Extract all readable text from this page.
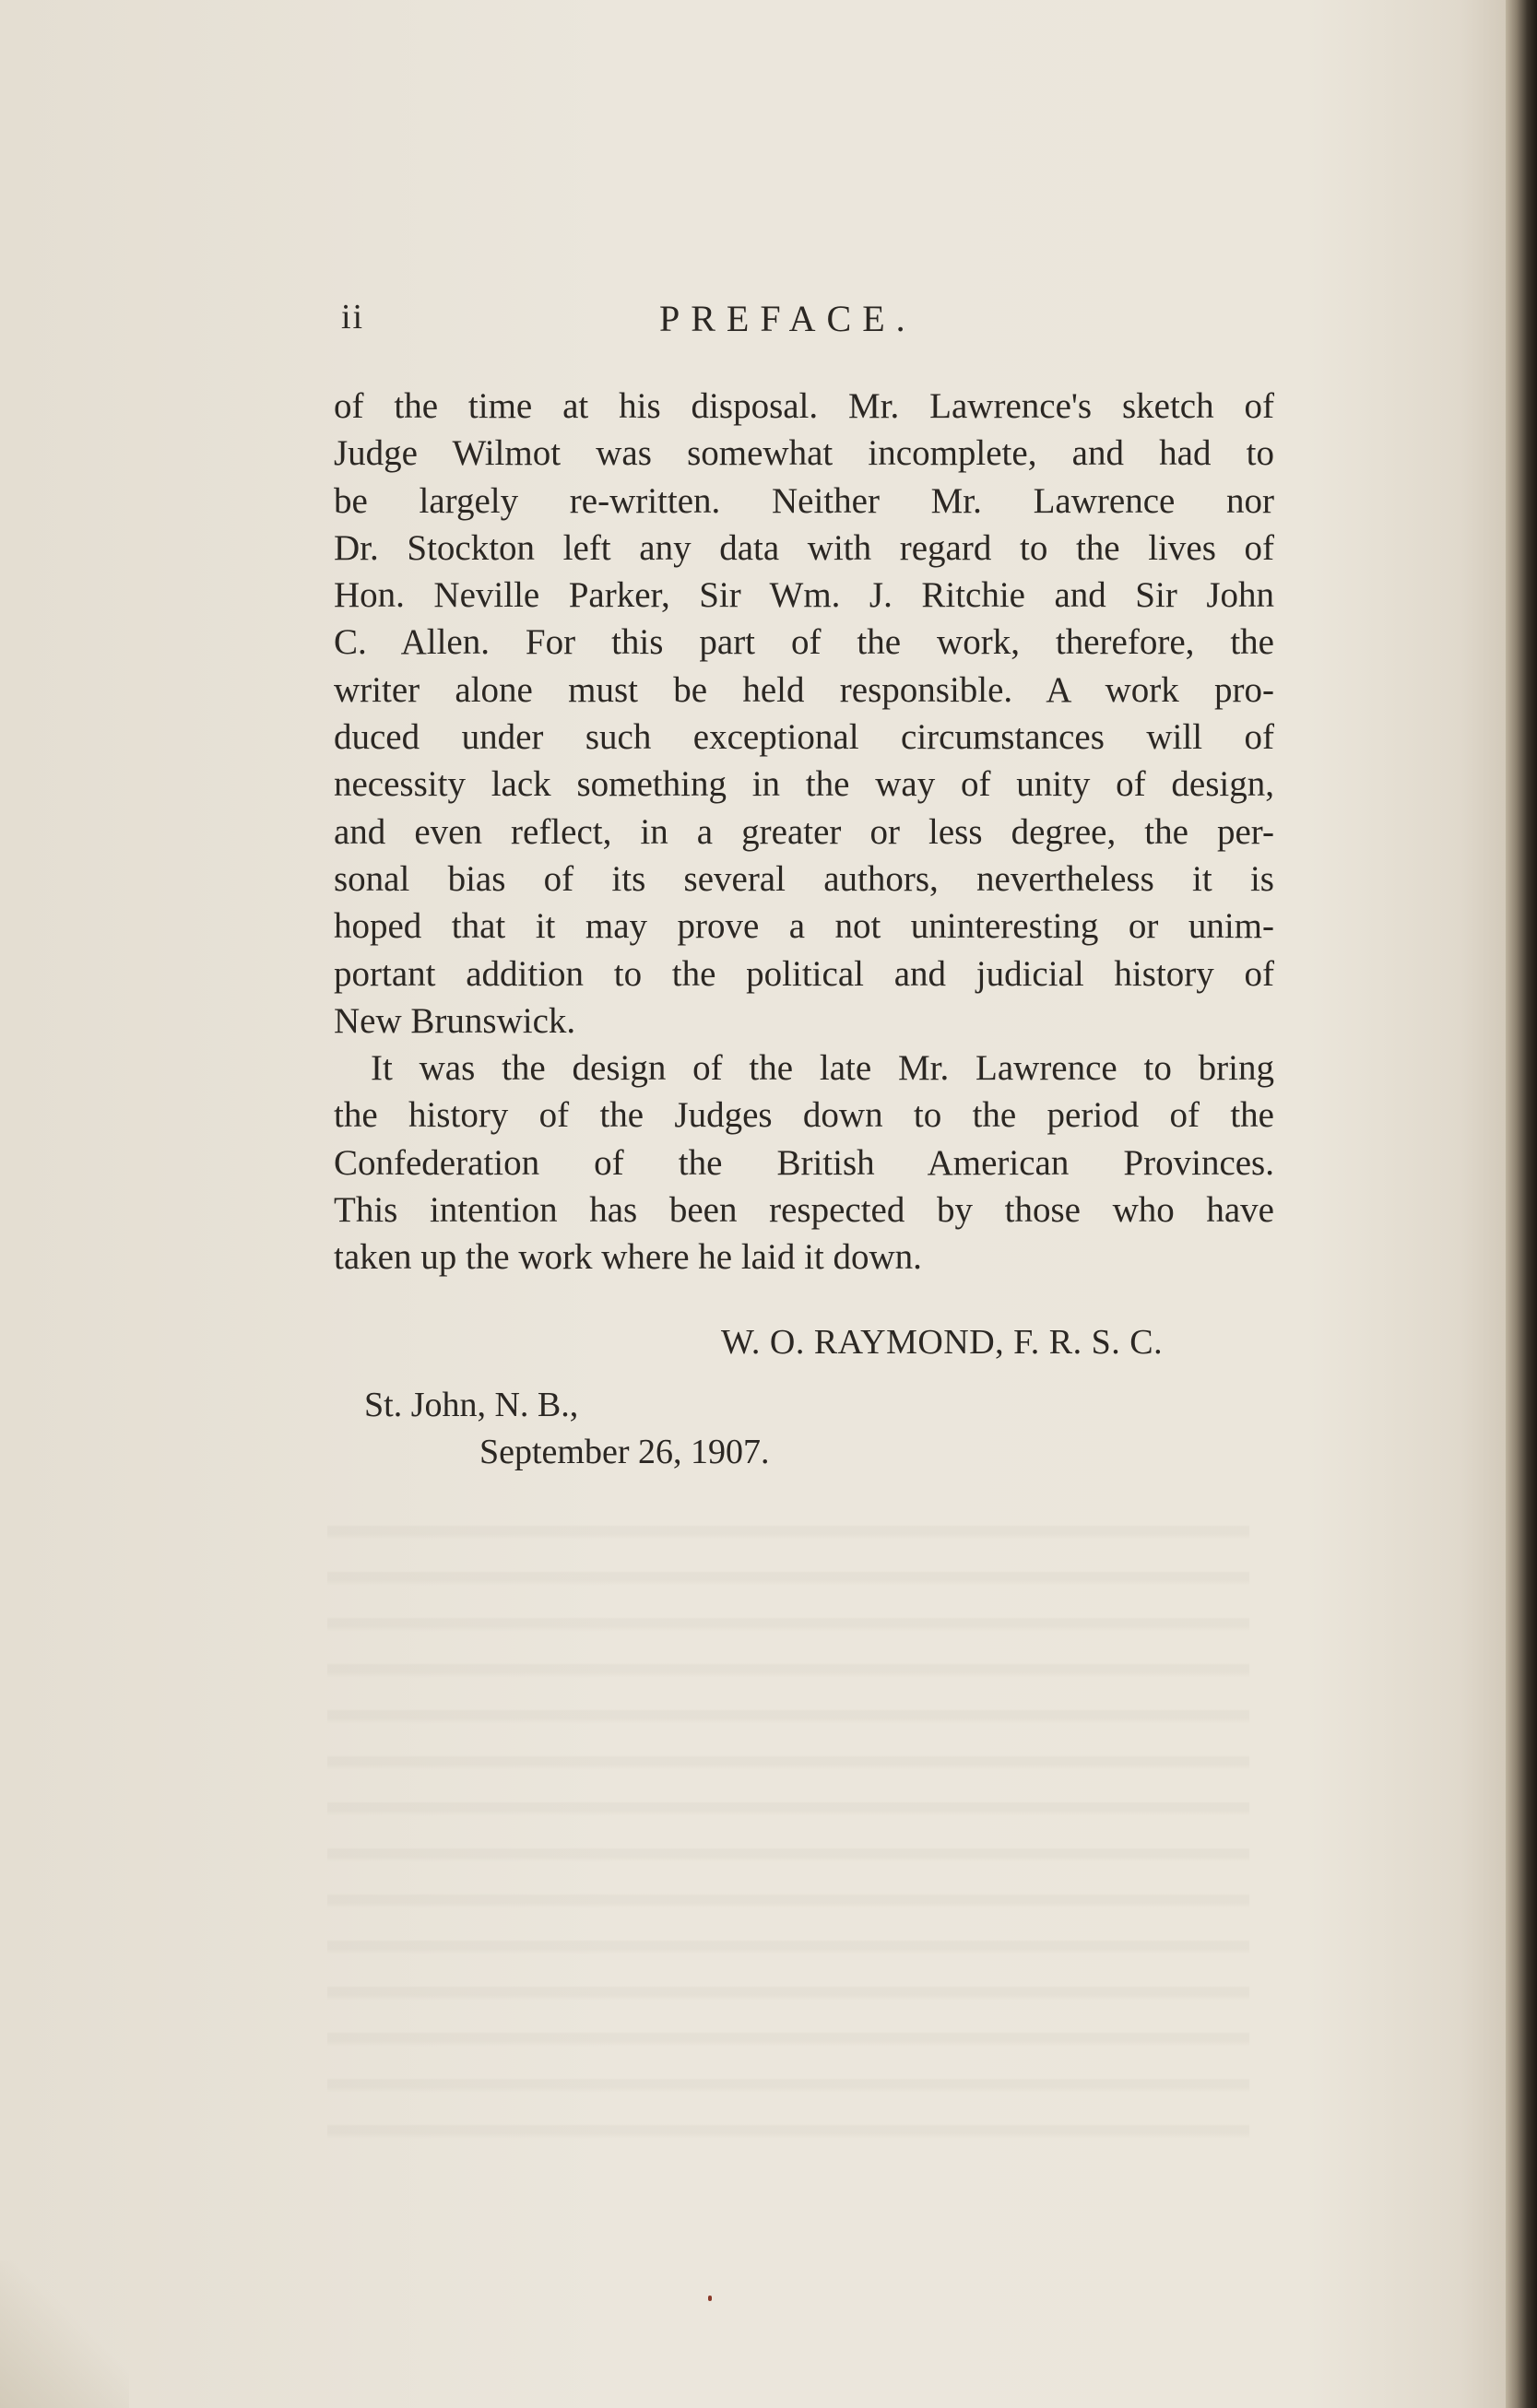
ii	PREFACE.
of the time at his disposal. Mr. Lawrence's sketch of
Judge Wilmot was somewhat incomplete, and had to
be largely re-written. Neither Mr. Lawrence nor
Dr. Stockton left any data with regard to the lives of
Hon. Neville Parker, Sir Wm. J. Ritchie and Sir John
C. Allen. For this part of the work, therefore, the
writer alone must be held responsible. A work pro-
duced under such exceptional circumstances will of
necessity lack something in the way of unity of design,
and even reflect, in a greater or less degree, the per-
sonal bias of its several authors, nevertheless it is
hoped that it may prove a not uninteresting or unim-
portant addition to the political and judicial history of
New Brunswick.
It was the design of the late Mr. Lawrence to bring
the history of the Judges down to the period of the
Confederation of the British American Provinces.
This intention has been respected by those who have
taken up the work where he laid it down.
W. O. RAYMOND, F. R. S. C.
St. John, N. B.,
September 26, 1907.
